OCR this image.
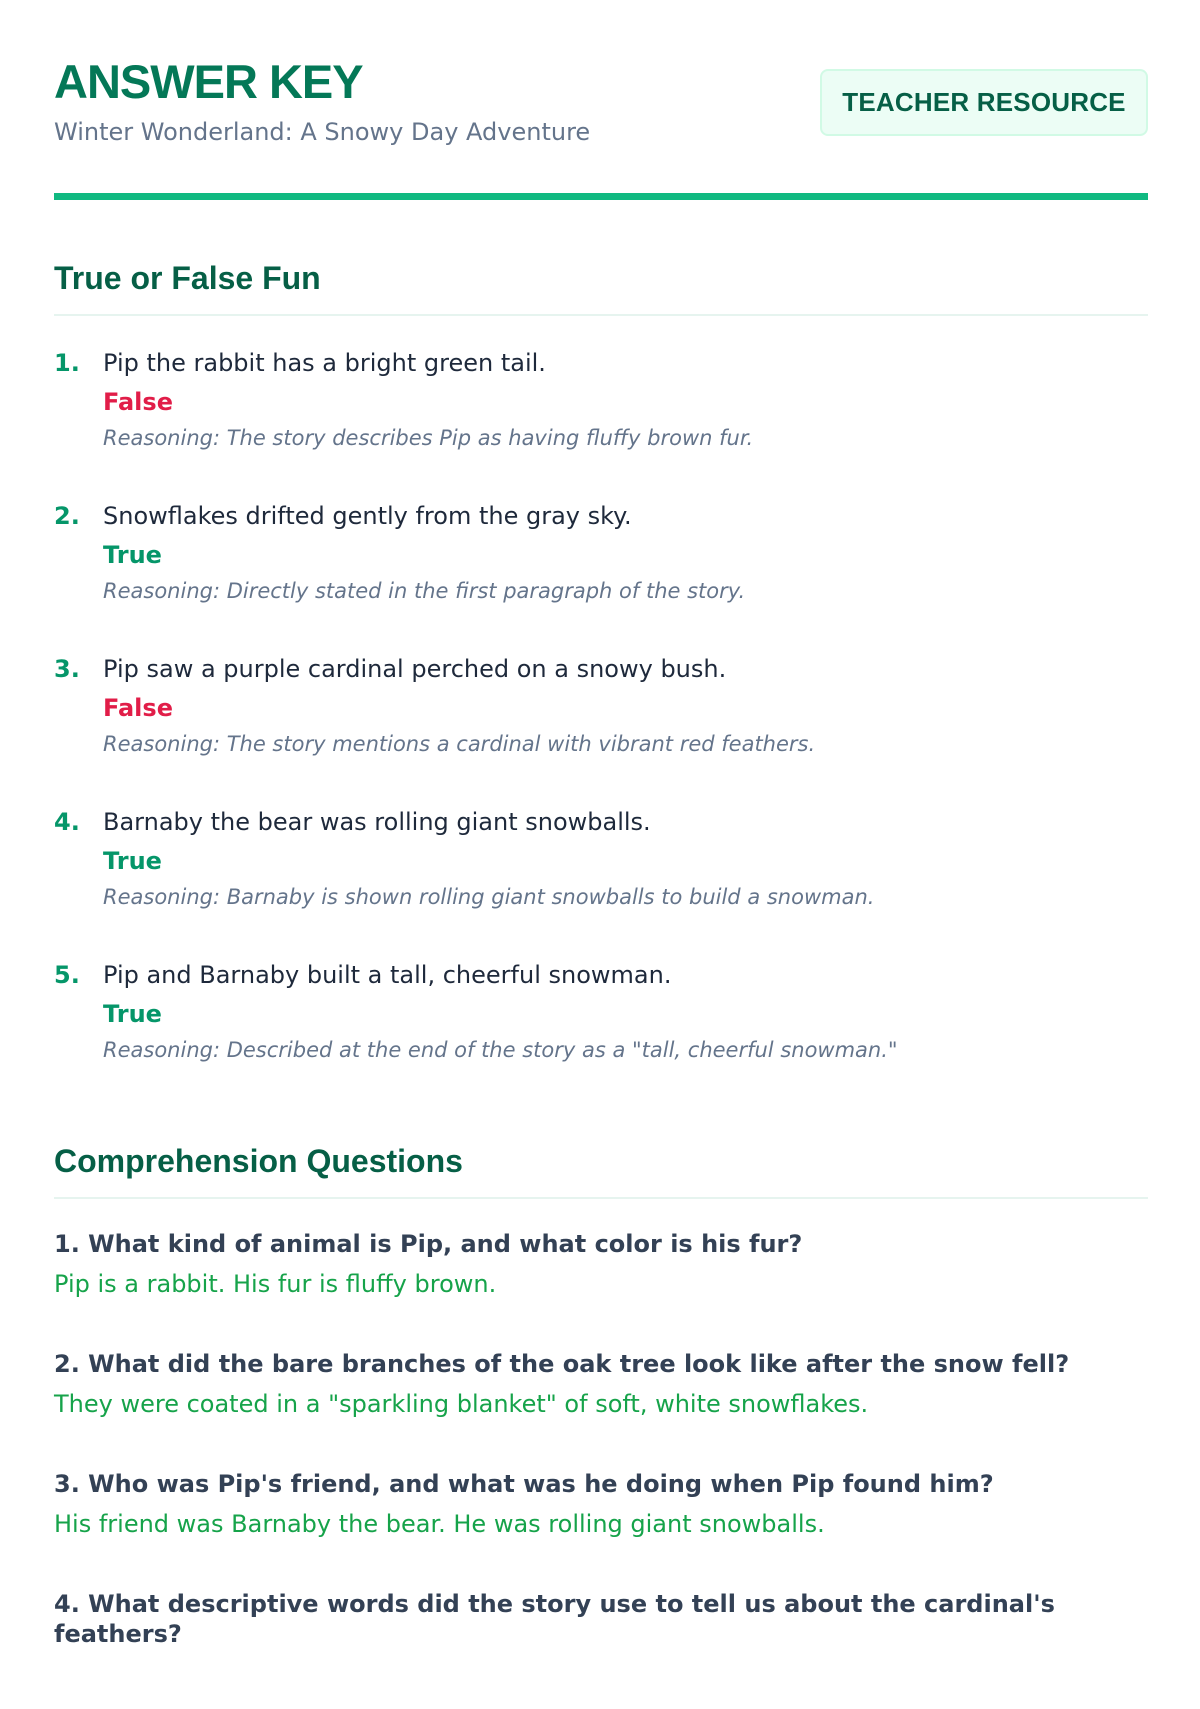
ANSWER KEY
Winter Wonderland: A Snowy Day Adventure
TEACHER RESOURCE
True or False Fun
1. Pip the rabbit has a bright green tail.
False
Reasoning: The story describes Pip as having fluffy brown fur.
2. Snowflakes drifted gently from the gray sky.
True
Reasoning: Directly stated in the first paragraph of the story.
3. Pip saw a purple cardinal perched on a snowy bush.
False
Reasoning: The story mentions a cardinal with vibrant red feathers.
4. Barnaby the bear was rolling giant snowballs.
True
Reasoning: Barnaby is shown rolling giant snowballs to build a snowman.
5. Pip and Barnaby built a tall, cheerful snowman.
True
Reasoning: Described at the end of the story as a "tall, cheerful snowman."
Comprehension Questions
1. What kind of animal is Pip, and what color is his fur?
Pip is a rabbit. His fur is fluffy brown.
2. What did the bare branches of the oak tree look like after the snow fell?
They were coated in a "sparkling blanket" of soft, white snowflakes.
3. Who was Pip's friend, and what was he doing when Pip found him?
His friend was Barnaby the bear. He was rolling giant snowballs.
4. What descriptive words did the story use to tell us about the cardinal's feathers?
